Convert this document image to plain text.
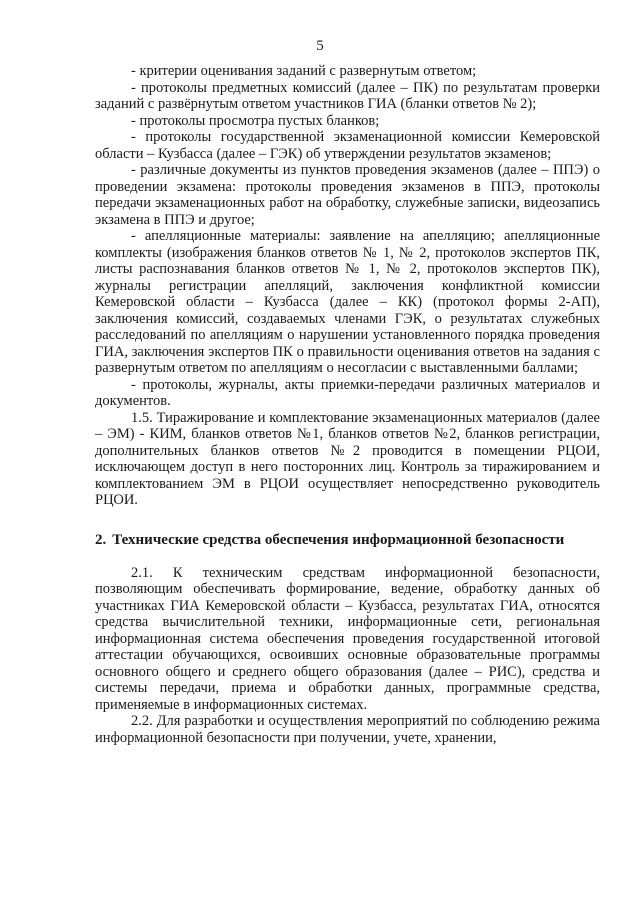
5

- критерии оценивания заданий с развернутым ответом;

- протоколы предметных комиссий (далее – ПК) по результатам проверки заданий с развёрнутым ответом участников ГИА (бланки ответов № 2);

- протоколы просмотра пустых бланков;

- протоколы государственной экзаменационной комиссии Кемеровской области – Кузбасса (далее – ГЭК) об утверждении результатов экзаменов;

- различные документы из пунктов проведения экзаменов (далее – ППЭ) о проведении экзамена: протоколы проведения экзаменов в ППЭ, протоколы передачи экзаменационных работ на обработку, служебные записки, видеозапись экзамена в ППЭ и другое;

- апелляционные материалы: заявление на апелляцию; апелляционные комплекты (изображения бланков ответов № 1, № 2, протоколов экспертов ПК, листы распознавания бланков ответов № 1, № 2, протоколов экспертов ПК), журналы регистрации апелляций, заключения конфликтной комиссии Кемеровской области – Кузбасса (далее – КК) (протокол формы 2-АП), заключения комиссий, создаваемых членами ГЭК, о результатах служебных расследований по апелляциям о нарушении установленного порядка проведения ГИА, заключения экспертов ПК о правильности оценивания ответов на задания с развернутым ответом по апелляциям о несогласии с выставленными баллами;

- протоколы, журналы, акты приемки-передачи различных материалов и документов.

1.5. Тиражирование и комплектование экзаменационных материалов (далее – ЭМ) - КИМ, бланков ответов №1, бланков ответов №2, бланков регистрации, дополнительных бланков ответов №2 проводится в помещении РЦОИ, исключающем доступ в него посторонних лиц. Контроль за тиражированием и комплектованием ЭМ в РЦОИ осуществляет непосредственно руководитель РЦОИ.

2. Технические средства обеспечения информационной безопасности

2.1. К техническим средствам информационной безопасности, позволяющим обеспечивать формирование, ведение, обработку данных об участниках ГИА Кемеровской области – Кузбасса, результатах ГИА, относятся средства вычислительной техники, информационные сети, региональная информационная система обеспечения проведения государственной итоговой аттестации обучающихся, освоивших основные образовательные программы основного общего и среднего общего образования (далее – РИС), средства и системы передачи, приема и обработки данных, программные средства, применяемые в информационных системах.

2.2. Для разработки и осуществления мероприятий по соблюдению режима информационной безопасности при получении, учете, хранении,
